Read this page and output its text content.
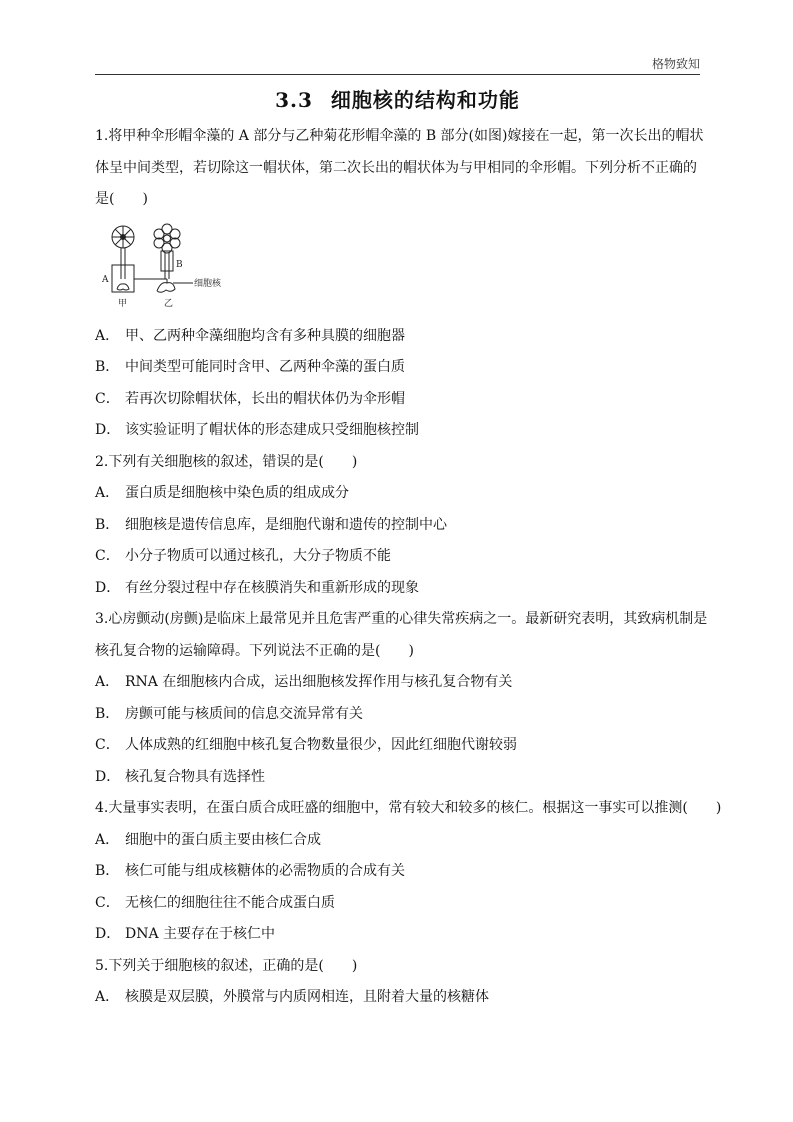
格物致知
3.3 细胞核的结构和功能
1.将甲种伞形帽伞藻的 A 部分与乙种菊花形帽伞藻的 B 部分(如图)嫁接在一起，第一次长出的帽状
体呈中间类型，若切除这一帽状体，第二次长出的帽状体为与甲相同的伞形帽。下列分析不正确的
是(　　)
A
B
细胞核
甲	乙
A． 甲、乙两种伞藻细胞均含有多种具膜的细胞器
B． 中间类型可能同时含甲、乙两种伞藻的蛋白质
C． 若再次切除帽状体，长出的帽状体仍为伞形帽
D． 该实验证明了帽状体的形态建成只受细胞核控制
2.下列有关细胞核的叙述，错误的是(　　)
A． 蛋白质是细胞核中染色质的组成成分
B． 细胞核是遗传信息库，是细胞代谢和遗传的控制中心
C． 小分子物质可以通过核孔，大分子物质不能
D． 有丝分裂过程中存在核膜消失和重新形成的现象
3.心房颤动(房颤)是临床上最常见并且危害严重的心律失常疾病之一。最新研究表明，其致病机制是
核孔复合物的运输障碍。下列说法不正确的是(　　)
A． RNA 在细胞核内合成，运出细胞核发挥作用与核孔复合物有关
B． 房颤可能与核质间的信息交流异常有关
C． 人体成熟的红细胞中核孔复合物数量很少，因此红细胞代谢较弱
D． 核孔复合物具有选择性
4.大量事实表明，在蛋白质合成旺盛的细胞中，常有较大和较多的核仁。根据这一事实可以推测(　　)
A． 细胞中的蛋白质主要由核仁合成
B． 核仁可能与组成核糖体的必需物质的合成有关
C． 无核仁的细胞往往不能合成蛋白质
D． DNA 主要存在于核仁中
5.下列关于细胞核的叙述，正确的是(　　)
A． 核膜是双层膜，外膜常与内质网相连，且附着大量的核糖体
